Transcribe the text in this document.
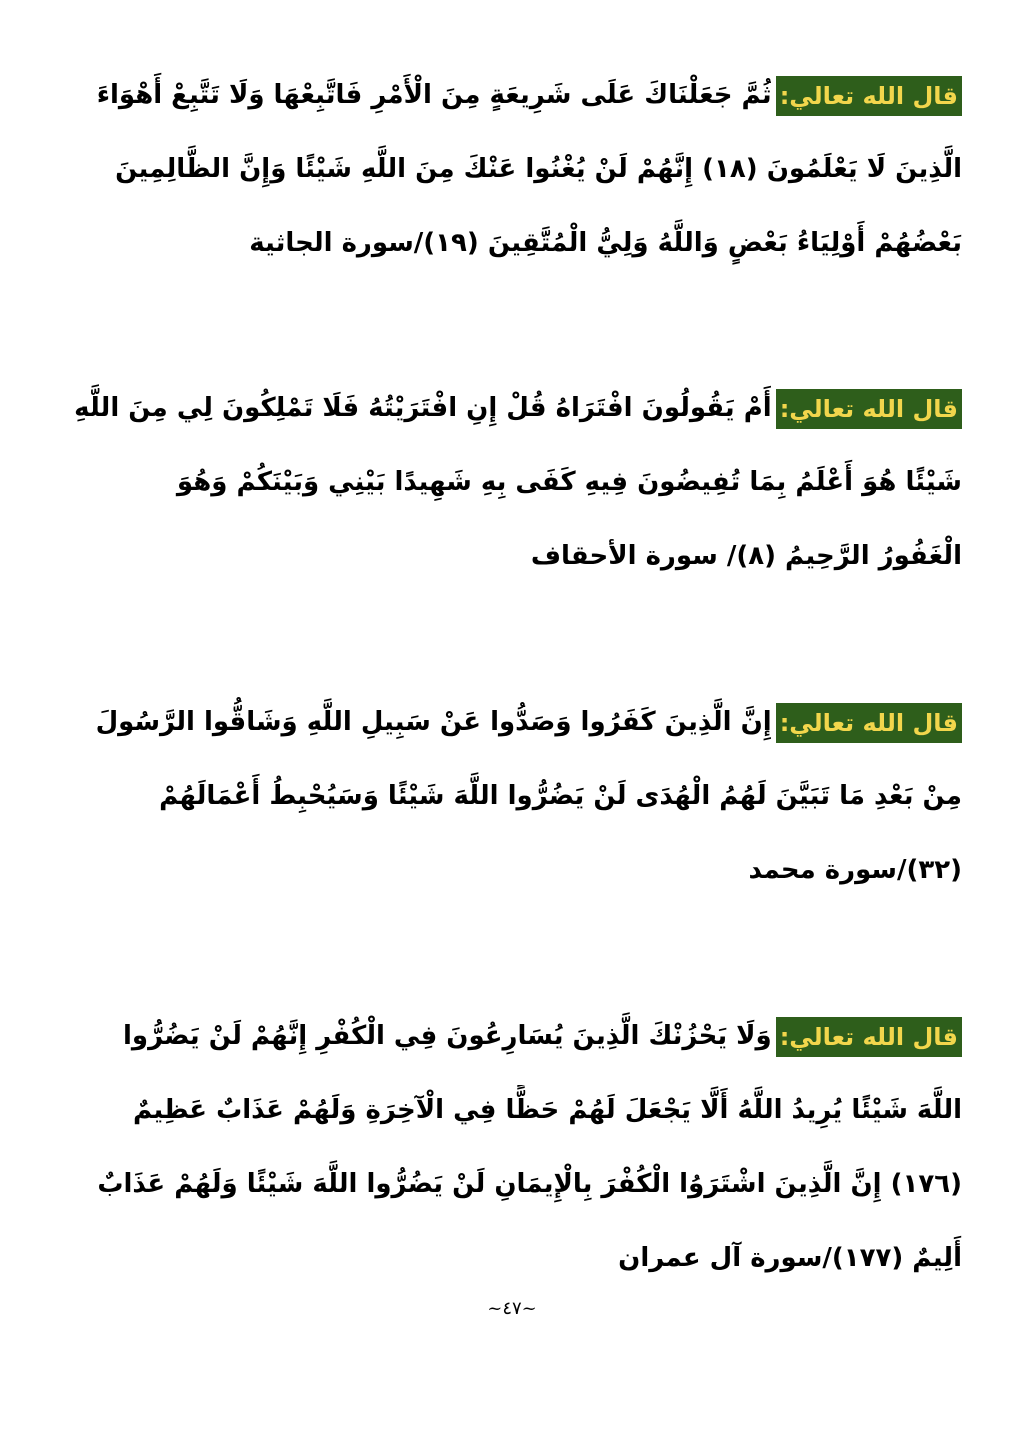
قال الله تعالي:ثُمَّ جَعَلْنَاكَ عَلَى شَرِيعَةٍ مِنَ الْأَمْرِ فَاتَّبِعْهَا وَلَا تَتَّبِعْ أَهْوَاءَ
الَّذِينَ لَا يَعْلَمُونَ (١٨) إِنَّهُمْ لَنْ يُغْنُوا عَنْكَ مِنَ اللَّهِ شَيْئًا وَإِنَّ الظَّالِمِينَ
بَعْضُهُمْ أَوْلِيَاءُ بَعْضٍ وَاللَّهُ وَلِيُّ الْمُتَّقِينَ (١٩)/سورة الجاثية
قال الله تعالي:أَمْ يَقُولُونَ افْتَرَاهُ قُلْ إِنِ افْتَرَيْتُهُ فَلَا تَمْلِكُونَ لِي مِنَ اللَّهِ
شَيْئًا هُوَ أَعْلَمُ بِمَا تُفِيضُونَ فِيهِ كَفَى بِهِ شَهِيدًا بَيْنِي وَبَيْنَكُمْ وَهُوَ
الْغَفُورُ الرَّحِيمُ (٨)/ سورة الأحقاف
قال الله تعالي:إِنَّ الَّذِينَ كَفَرُوا وَصَدُّوا عَنْ سَبِيلِ اللَّهِ وَشَاقُّوا الرَّسُولَ
مِنْ بَعْدِ مَا تَبَيَّنَ لَهُمُ الْهُدَى لَنْ يَضُرُّوا اللَّهَ شَيْئًا وَسَيُحْبِطُ أَعْمَالَهُمْ
(٣٢)/سورة محمد
قال الله تعالي:وَلَا يَحْزُنْكَ الَّذِينَ يُسَارِعُونَ فِي الْكُفْرِ إِنَّهُمْ لَنْ يَضُرُّوا
اللَّهَ شَيْئًا يُرِيدُ اللَّهُ أَلَّا يَجْعَلَ لَهُمْ حَظًّا فِي الْآخِرَةِ وَلَهُمْ عَذَابٌ عَظِيمٌ
(١٧٦) إِنَّ الَّذِينَ اشْتَرَوُا الْكُفْرَ بِالْإِيمَانِ لَنْ يَضُرُّوا اللَّهَ شَيْئًا وَلَهُمْ عَذَابٌ
أَلِيمٌ (١٧٧)/سورة آل عمران
~٤٧~
